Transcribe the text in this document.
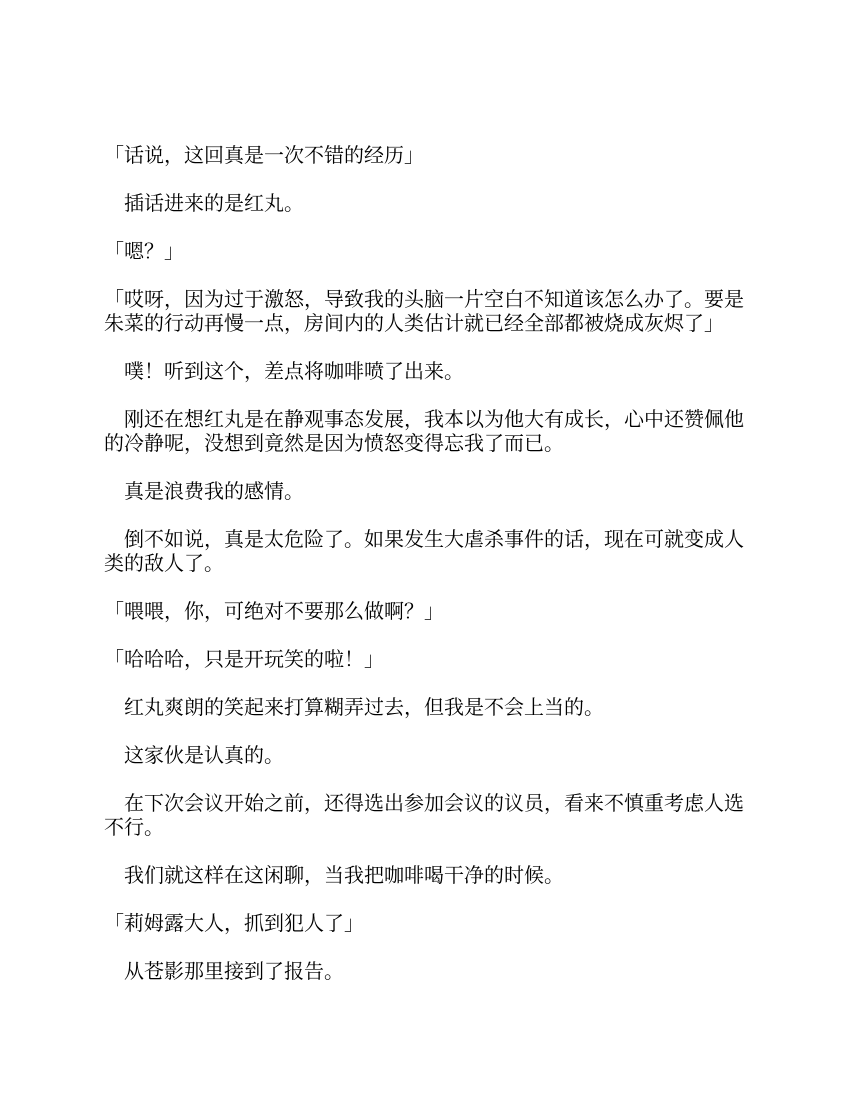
「话说，这回真是一次不错的经历」

插话进来的是红丸。

「嗯？」

「哎呀，因为过于激怒，导致我的头脑一片空白不知道该怎么办了。要是朱菜的行动再慢一点，房间内的人类估计就已经全部都被烧成灰烬了」

噗！听到这个，差点将咖啡喷了出来。

刚还在想红丸是在静观事态发展，我本以为他大有成长，心中还赞佩他的冷静呢，没想到竟然是因为愤怒变得忘我了而已。

真是浪费我的感情。

倒不如说，真是太危险了。如果发生大虐杀事件的话，现在可就变成人类的敌人了。

「喂喂，你，可绝对不要那么做啊？」

「哈哈哈，只是开玩笑的啦！」

红丸爽朗的笑起来打算糊弄过去，但我是不会上当的。

这家伙是认真的。

在下次会议开始之前，还得选出参加会议的议员，看来不慎重考虑人选不行。

我们就这样在这闲聊，当我把咖啡喝干净的时候。

「莉姆露大人，抓到犯人了」

从苍影那里接到了报告。
